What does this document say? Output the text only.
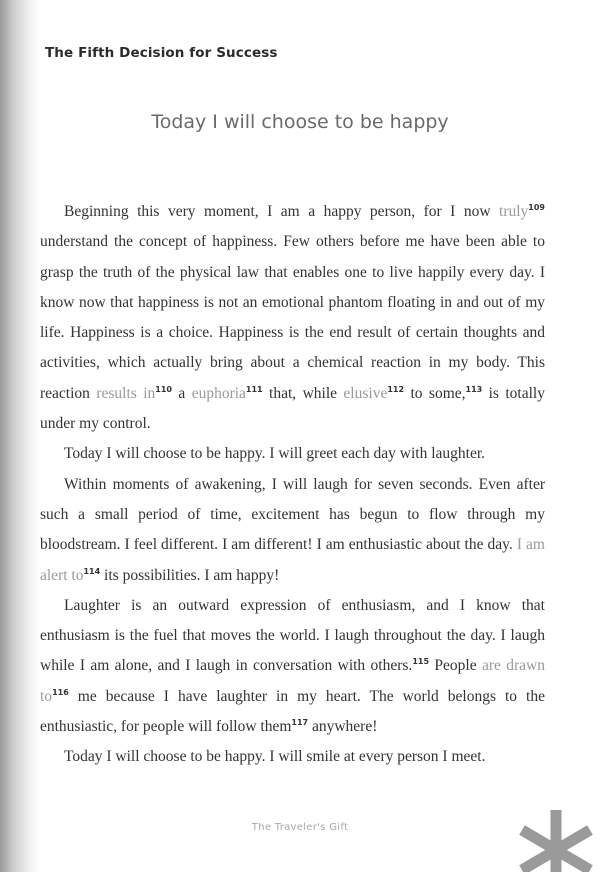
The Fifth Decision for Success
Today I will choose to be happy

Beginning this very moment, I am a happy person, for I now truly$^{109}$ understand the concept of happiness. Few others before me have been able to grasp the truth of the physical law that enables one to live happily every day. I know now that happiness is not an emotional phantom floating in and out of my life. Happiness is a choice. Happiness is the end result of certain thoughts and activities, which actually bring about a chemical reaction in my body. This reaction results $in^{110}$ a euphoria$^{111}$ that, while elusive$^{112}$ to some,$^{113}$ is totally under my control.

Today I will choose to be happy. I will greet each day with laughter.

Within moments of awakening, I will laugh for seven seconds. Even after such a small period of time, excitement has begun to flow through my bloodstream. I feel different. I am different! I am enthusiastic about the day. I am alert $to^{114}$ its possibilities. I am happy!

Laughter is an outward expression of enthusiasm, and I know that enthusiasm is the fuel that moves the world. I laugh throughout the day. I laugh while I am alone, and I laugh in conversation with others.$^{115}$ People are drawn $to^{116}$ me because I have laughter in my heart. The world belongs to the enthusiastic, for people will follow them$^{117}$ anywhere!

Today I will choose to be happy. I will smile at every person I meet.

The Traveler's Gift
